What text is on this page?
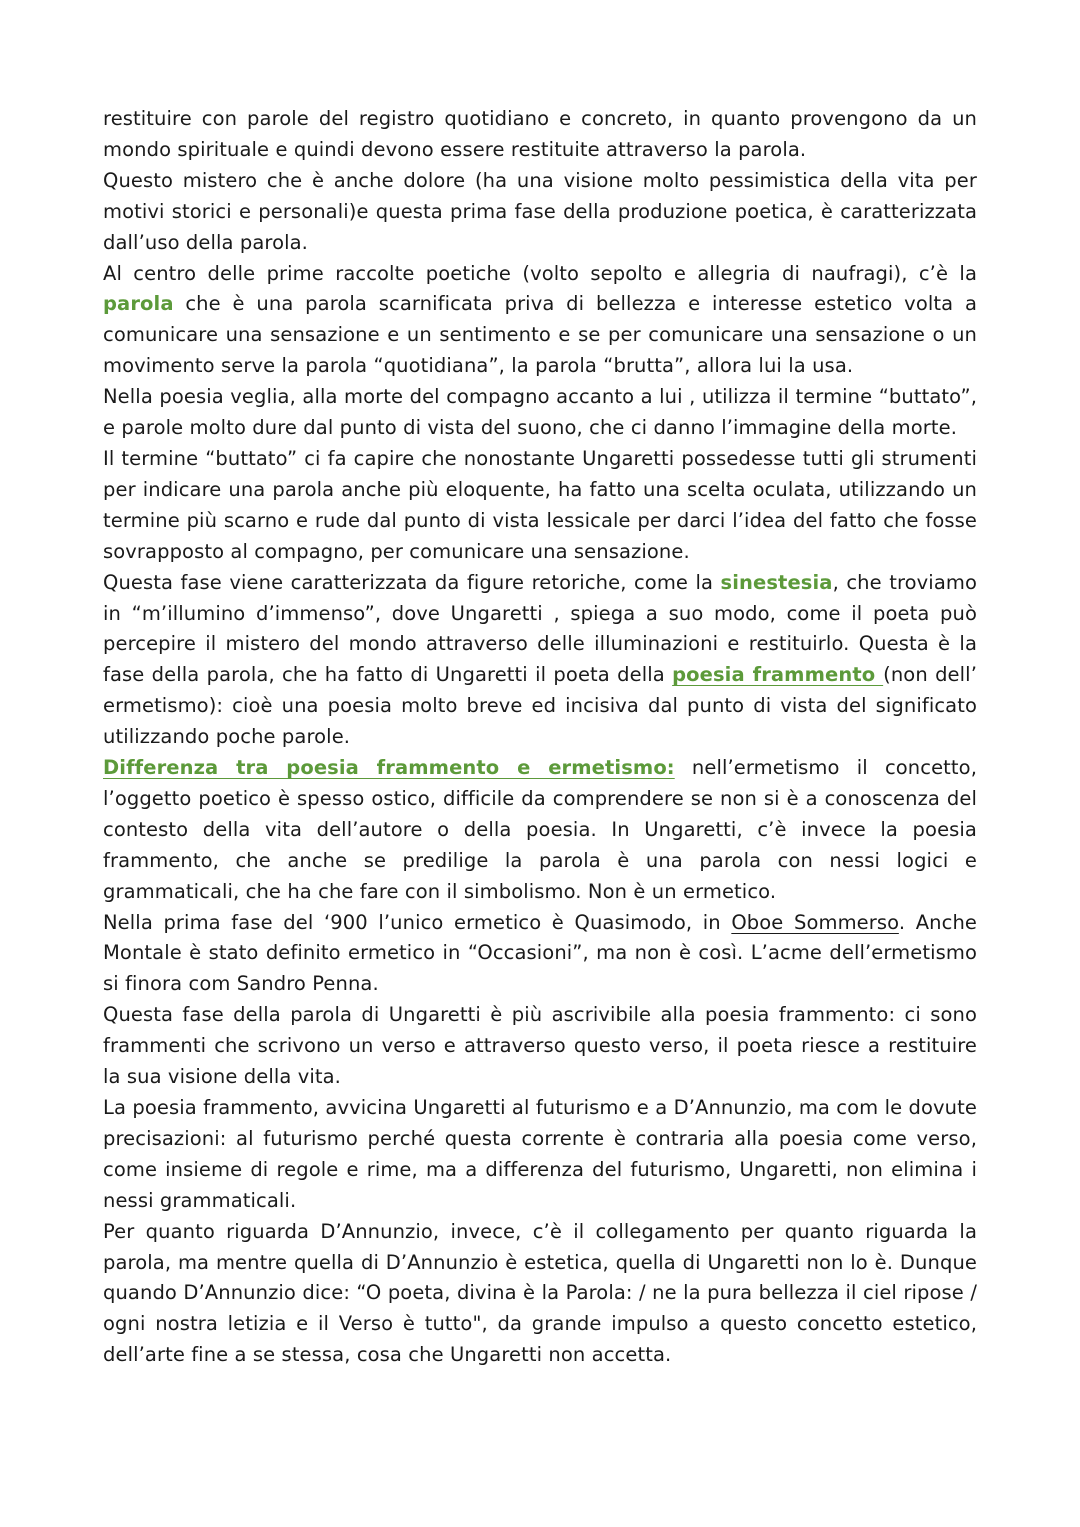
restituire con parole del registro quotidiano e concreto, in quanto provengono da un mondo spirituale e quindi devono essere restituite attraverso la parola.

Questo mistero che è anche dolore (ha una visione molto pessimistica della vita per motivi storici e personali)e questa prima fase della produzione poetica, è caratterizzata dall’uso della parola.

Al centro delle prime raccolte poetiche (volto sepolto e allegria di naufragi), c’è la parola che è una parola scarnificata priva di bellezza e interesse estetico volta a comunicare una sensazione e un sentimento e se per comunicare una sensazione o un movimento serve la parola “quotidiana”, la parola “brutta”, allora lui la usa.

Nella poesia veglia, alla morte del compagno accanto a lui , utilizza il termine “buttato”, e parole molto dure dal punto di vista del suono, che ci danno l’immagine della morte.

Il termine “buttato” ci fa capire che nonostante Ungaretti possedesse tutti gli strumenti per indicare una parola anche più eloquente, ha fatto una scelta oculata, utilizzando un termine più scarno e rude dal punto di vista lessicale per darci l’idea del fatto che fosse sovrapposto al compagno, per comunicare una sensazione.

Questa fase viene caratterizzata da figure retoriche, come la sinestesia, che troviamo in “m’illumino d’immenso”, dove Ungaretti , spiega a suo modo, come il poeta può percepire il mistero del mondo attraverso delle illuminazioni e restituirlo. Questa è la fase della parola, che ha fatto di Ungaretti il poeta della poesia frammento (non dell’ ermetismo): cioè una poesia molto breve ed incisiva dal punto di vista del significato utilizzando poche parole.

Differenza tra poesia frammento e ermetismo: nell’ermetismo il concetto, l’oggetto poetico è spesso ostico, difficile da comprendere se non si è a conoscenza del contesto della vita dell’autore o della poesia. In Ungaretti, c’è invece la poesia frammento, che anche se predilige la parola è una parola con nessi logici e grammaticali, che ha che fare con il simbolismo. Non è un ermetico.

Nella prima fase del ‘900 l’unico ermetico è Quasimodo, in Oboe Sommerso. Anche Montale è stato definito ermetico in “Occasioni”, ma non è così. L’acme dell’ermetismo si finora com Sandro Penna.

Questa fase della parola di Ungaretti è più ascrivibile alla poesia frammento: ci sono frammenti che scrivono un verso e attraverso questo verso, il poeta riesce a restituire la sua visione della vita.

La poesia frammento, avvicina Ungaretti al futurismo e a D’Annunzio, ma com le dovute precisazioni: al futurismo perché questa corrente è contraria alla poesia come verso, come insieme di regole e rime, ma a differenza del futurismo, Ungaretti, non elimina i nessi grammaticali.

Per quanto riguarda D’Annunzio, invece, c’è il collegamento per quanto riguarda la parola, ma mentre quella di D’Annunzio è estetica, quella di Ungaretti non lo è. Dunque quando D’Annunzio dice: “O poeta, divina è la Parola: / ne la pura bellezza il ciel ripose / ogni nostra letizia e il Verso è tutto", da grande impulso a questo concetto estetico, dell’arte fine a se stessa, cosa che Ungaretti non accetta.
